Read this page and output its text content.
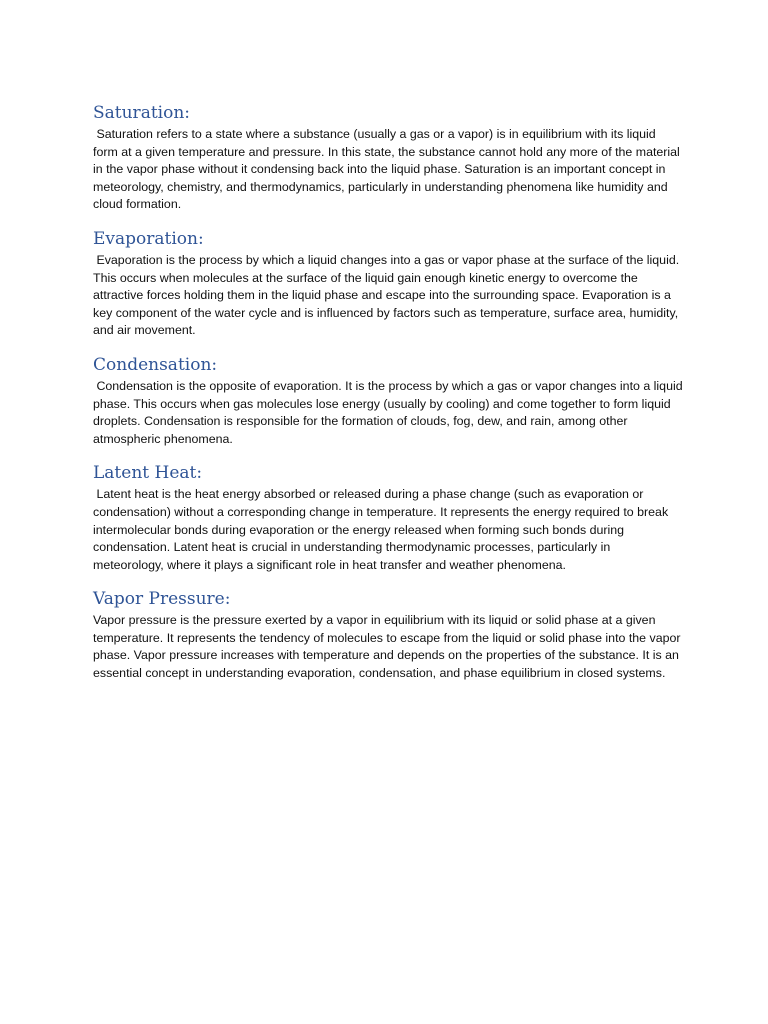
Saturation:

Saturation refers to a state where a substance (usually a gas or a vapor) is in equilibrium with its liquid form at a given temperature and pressure. In this state, the substance cannot hold any more of the material in the vapor phase without it condensing back into the liquid phase. Saturation is an important concept in meteorology, chemistry, and thermodynamics, particularly in understanding phenomena like humidity and cloud formation.

Evaporation:

Evaporation is the process by which a liquid changes into a gas or vapor phase at the surface of the liquid. This occurs when molecules at the surface of the liquid gain enough kinetic energy to overcome the attractive forces holding them in the liquid phase and escape into the surrounding space. Evaporation is a key component of the water cycle and is influenced by factors such as temperature, surface area, humidity, and air movement.

Condensation:

Condensation is the opposite of evaporation. It is the process by which a gas or vapor changes into a liquid phase. This occurs when gas molecules lose energy (usually by cooling) and come together to form liquid droplets. Condensation is responsible for the formation of clouds, fog, dew, and rain, among other atmospheric phenomena.

Latent Heat:

Latent heat is the heat energy absorbed or released during a phase change (such as evaporation or condensation) without a corresponding change in temperature. It represents the energy required to break intermolecular bonds during evaporation or the energy released when forming such bonds during condensation. Latent heat is crucial in understanding thermodynamic processes, particularly in meteorology, where it plays a significant role in heat transfer and weather phenomena.

Vapor Pressure:

Vapor pressure is the pressure exerted by a vapor in equilibrium with its liquid or solid phase at a given temperature. It represents the tendency of molecules to escape from the liquid or solid phase into the vapor phase. Vapor pressure increases with temperature and depends on the properties of the substance. It is an essential concept in understanding evaporation, condensation, and phase equilibrium in closed systems.
